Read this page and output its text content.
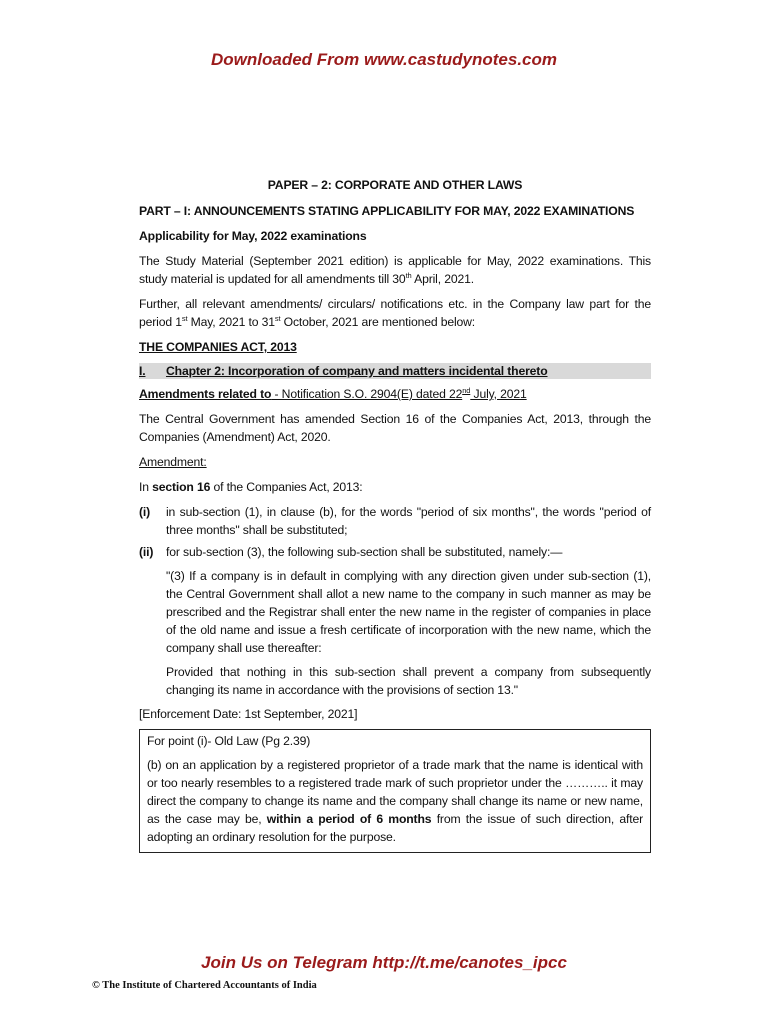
Downloaded From www.castudynotes.com

PAPER – 2: CORPORATE AND OTHER LAWS

PART – I: ANNOUNCEMENTS STATING APPLICABILITY FOR MAY, 2022 EXAMINATIONS

Applicability for May, 2022 examinations

The Study Material (September 2021 edition) is applicable for May, 2022 examinations. This study material is updated for all amendments till 30th April, 2021.

Further, all relevant amendments/ circulars/ notifications etc. in the Company law part for the period 1st May, 2021 to 31st October, 2021 are mentioned below:

THE COMPANIES ACT, 2013

I.	Chapter 2: Incorporation of company and matters incidental thereto

Amendments related to - Notification S.O. 2904(E) dated 22nd July, 2021

The Central Government has amended Section 16 of the Companies Act, 2013, through the Companies (Amendment) Act, 2020.

Amendment:

In section 16 of the Companies Act, 2013:

(i)	in sub-section (1), in clause (b), for the words "period of six months", the words "period of three months" shall be substituted;
(ii)	for sub-section (3), the following sub-section shall be substituted, namely:—

"(3) If a company is in default in complying with any direction given under sub-section (1), the Central Government shall allot a new name to the company in such manner as may be prescribed and the Registrar shall enter the new name in the register of companies in place of the old name and issue a fresh certificate of incorporation with the new name, which the company shall use thereafter:

Provided that nothing in this sub-section shall prevent a company from subsequently changing its name in accordance with the provisions of section 13."

[Enforcement Date: 1st September, 2021]

For point (i)- Old Law (Pg 2.39)

(b) on an application by a registered proprietor of a trade mark that the name is identical with or too nearly resembles to a registered trade mark of such proprietor under the ……….. it may direct the company to change its name and the company shall change its name or new name, as the case may be, within a period of 6 months from the issue of such direction, after adopting an ordinary resolution for the purpose.

Join Us on Telegram http://t.me/canotes_ipcc
© The Institute of Chartered Accountants of India
